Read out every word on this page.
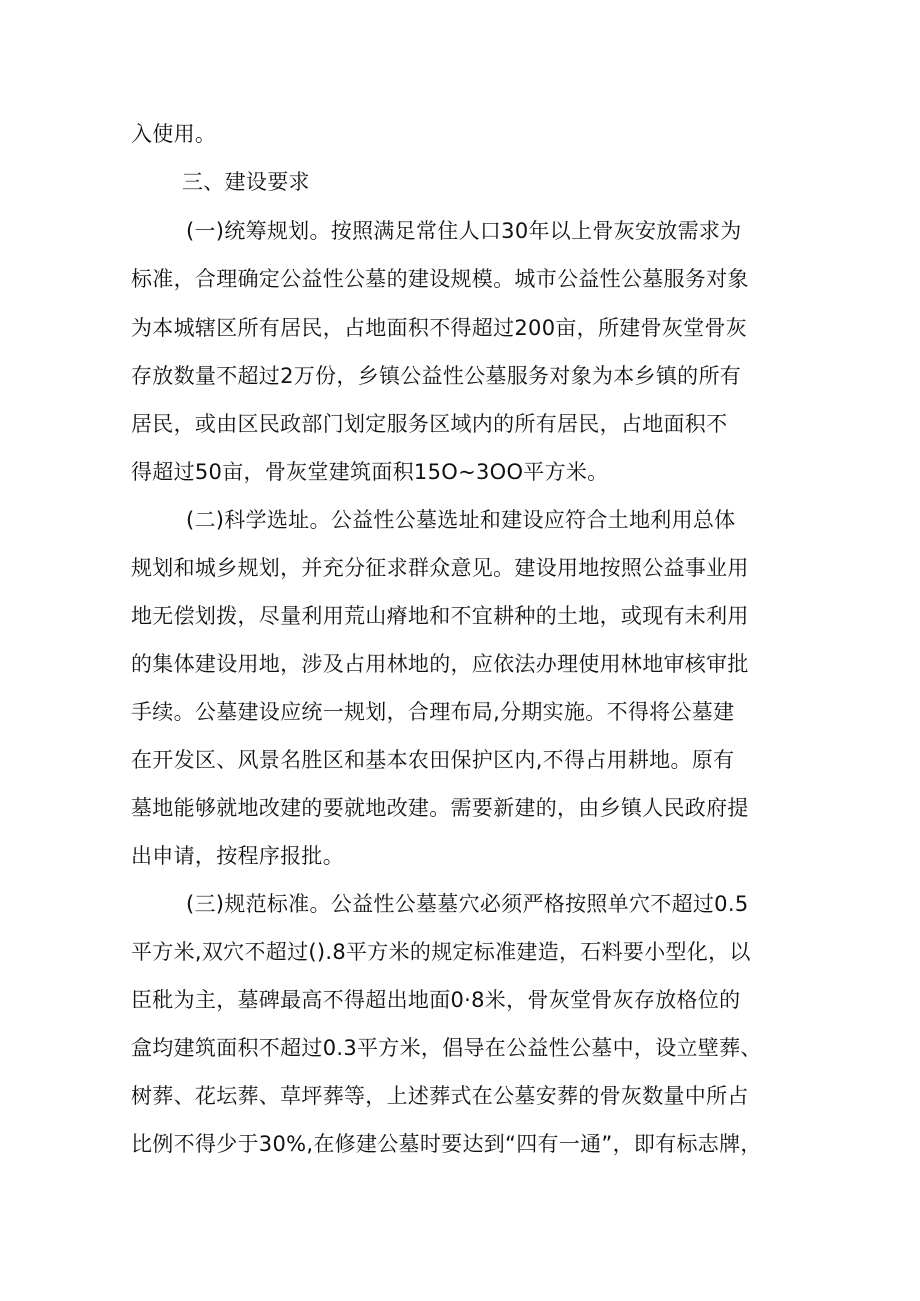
入使用。
三、建设要求
(一)统筹规划。按照满足常住人口30年以上骨灰安放需求为
标准，合理确定公益性公墓的建设规模。城市公益性公墓服务对象
为本城辖区所有居民，占地面积不得超过200亩，所建骨灰堂骨灰
存放数量不超过2万份，乡镇公益性公墓服务对象为本乡镇的所有
居民，或由区民政部门划定服务区域内的所有居民，占地面积不
得超过50亩，骨灰堂建筑面积15O~3OO平方米。
(二)科学选址。公益性公墓选址和建设应符合土地利用总体
规划和城乡规划，并充分征求群众意见。建设用地按照公益事业用
地无偿划拨，尽量利用荒山瘠地和不宜耕种的土地，或现有未利用
的集体建设用地，涉及占用林地的，应依法办理使用林地审核审批
手续。公墓建设应统一规划，合理布局,分期实施。不得将公墓建
在开发区、风景名胜区和基本农田保护区内,不得占用耕地。原有
墓地能够就地改建的要就地改建。需要新建的，由乡镇人民政府提
出申请，按程序报批。
(三)规范标准。公益性公墓墓穴必须严格按照单穴不超过0.5
平方米,双穴不超过().8平方米的规定标准建造，石料要小型化，以
臣秕为主，墓碑最高不得超出地面0·8米，骨灰堂骨灰存放格位的
盒均建筑面积不超过0.3平方米，倡导在公益性公墓中，设立壁葬、
树葬、花坛葬、草坪葬等，上述葬式在公墓安葬的骨灰数量中所占
比例不得少于30%,在修建公墓时要达到“四有一通”，即有标志牌，
